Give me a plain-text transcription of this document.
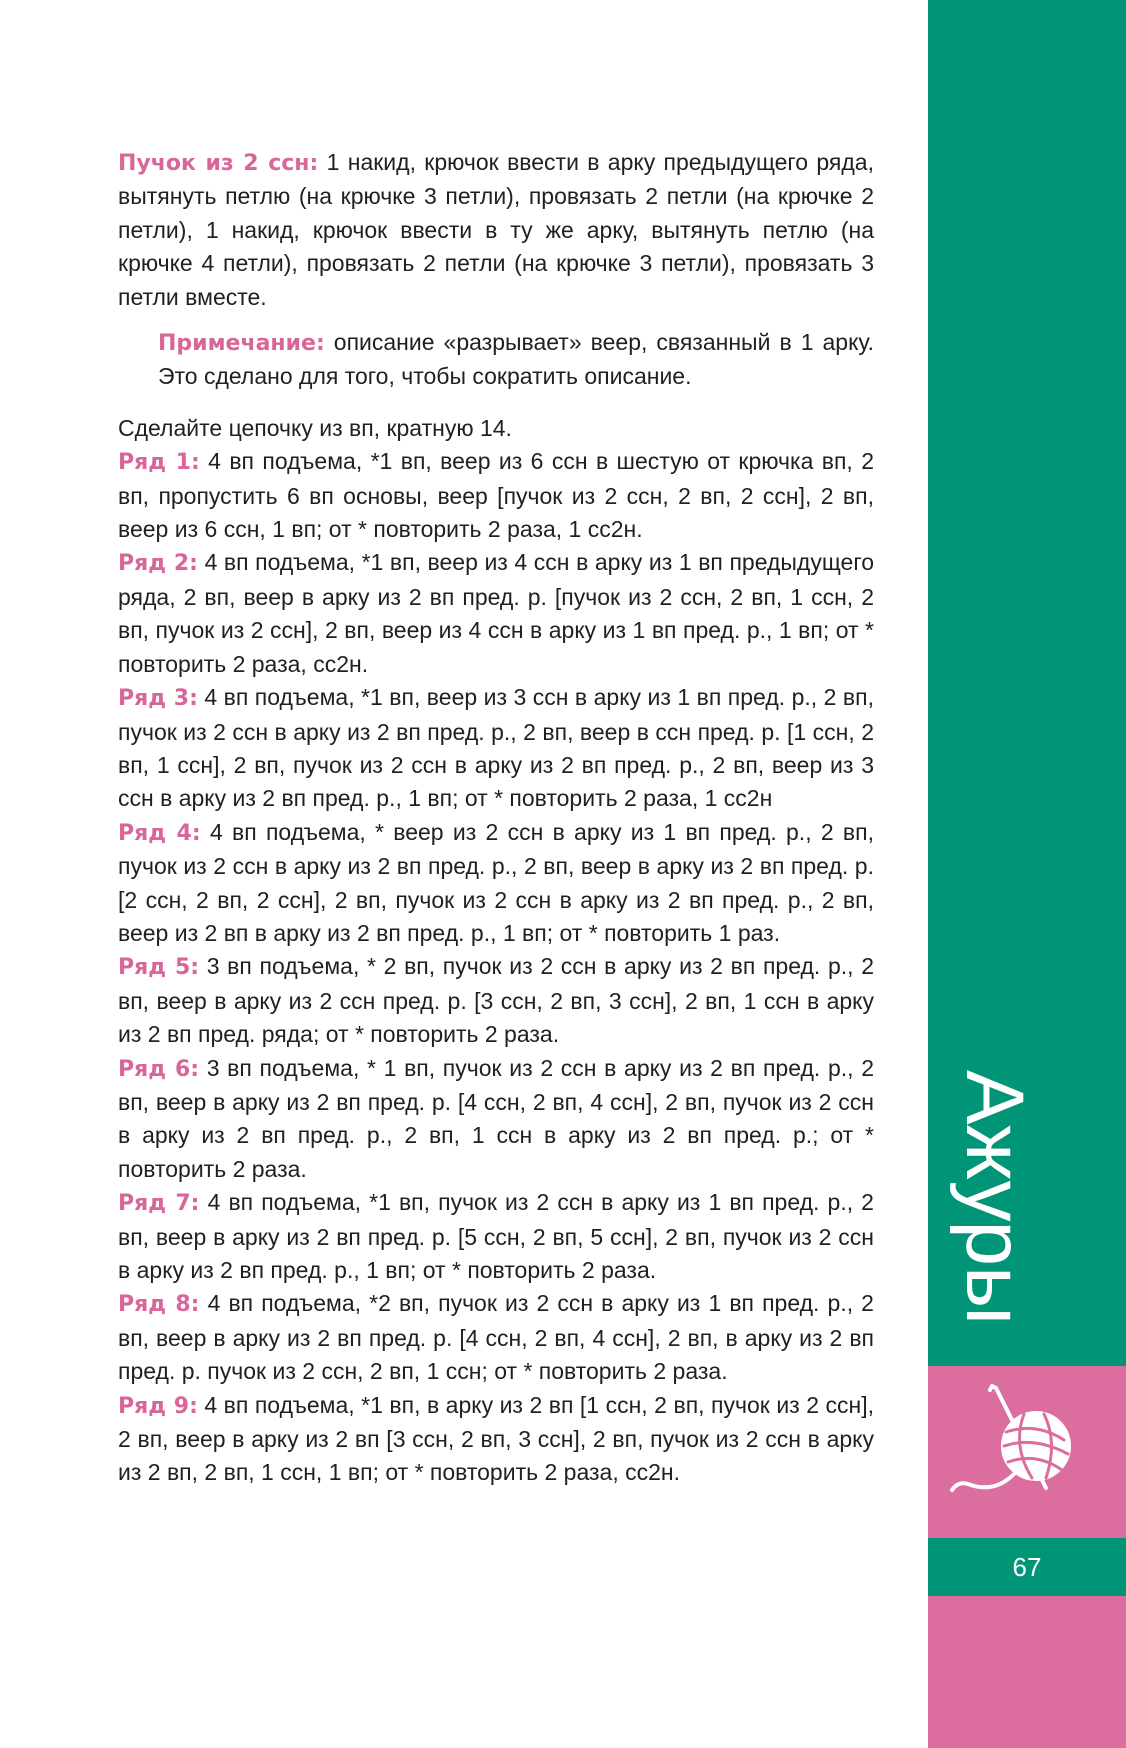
Пучок из 2 ссн: 1 накид, крючок ввести в арку предыдущего ряда, вытянуть петлю (на крючке 3 петли), провязать 2 петли (на крючке 2 петли), 1 накид, крючок ввести в ту же арку, вытянуть петлю (на крючке 4 петли), провязать 2 петли (на крючке 3 петли), провязать 3 петли вместе.

Примечание: описание «разрывает» веер, связанный в 1 арку. Это сделано для того, чтобы сократить описание.

Сделайте цепочку из вп, кратную 14.

Ряд 1: 4 вп подъема, *1 вп, веер из 6 ссн в шестую от крючка вп, 2 вп, пропустить 6 вп основы, веер [пучок из 2 ссн, 2 вп, 2 ссн], 2 вп, веер из 6 ссн, 1 вп; от * повторить 2 раза, 1 сс2н.

Ряд 2: 4 вп подъема, *1 вп, веер из 4 ссн в арку из 1 вп предыдущего ряда, 2 вп, веер в арку из 2 вп пред. р. [пучок из 2 ссн, 2 вп, 1 ссн, 2 вп, пучок из 2 ссн], 2 вп, веер из 4 ссн в арку из 1 вп пред. р., 1 вп; от * повторить 2 раза, сс2н.

Ряд 3: 4 вп подъема, *1 вп, веер из 3 ссн в арку из 1 вп пред. р., 2 вп, пучок из 2 ссн в арку из 2 вп пред. р., 2 вп, веер в ссн пред. р. [1 ссн, 2 вп, 1 ссн], 2 вп, пучок из 2 ссн в арку из 2 вп пред. р., 2 вп, веер из 3 ссн в арку из 2 вп пред. р., 1 вп; от * повторить 2 раза, 1 сс2н

Ряд 4: 4 вп подъема, * веер из 2 ссн в арку из 1 вп пред. р., 2 вп, пучок из 2 ссн в арку из 2 вп пред. р., 2 вп, веер в арку из 2 вп пред. р. [2 ссн, 2 вп, 2 ссн], 2 вп, пучок из 2 ссн в арку из 2 вп пред. р., 2 вп, веер из 2 вп в арку из 2 вп пред. р., 1 вп; от * повторить 1 раз.

Ряд 5: 3 вп подъема, * 2 вп, пучок из 2 ссн в арку из 2 вп пред. р., 2 вп, веер в арку из 2 ссн пред. р. [3 ссн, 2 вп, 3 ссн], 2 вп, 1 ссн в арку из 2 вп пред. ряда; от * повторить 2 раза.

Ряд 6: 3 вп подъема, * 1 вп, пучок из 2 ссн в арку из 2 вп пред. р., 2 вп, веер в арку из 2 вп пред. р. [4 ссн, 2 вп, 4 ссн], 2 вп, пучок из 2 ссн в арку из 2 вп пред. р., 2 вп, 1 ссн в арку из 2 вп пред. р.; от * повторить 2 раза.

Ряд 7: 4 вп подъема, *1 вп, пучок из 2 ссн в арку из 1 вп пред. р., 2 вп, веер в арку из 2 вп пред. р. [5 ссн, 2 вп, 5 ссн], 2 вп, пучок из 2 ссн в арку из 2 вп пред. р., 1 вп; от * повторить 2 раза.

Ряд 8: 4 вп подъема, *2 вп, пучок из 2 ссн в арку из 1 вп пред. р., 2 вп, веер в арку из 2 вп пред. р. [4 ссн, 2 вп, 4 ссн], 2 вп, в арку из 2 вп пред. р. пучок из 2 ссн, 2 вп, 1 ссн; от * повторить 2 раза.

Ряд 9: 4 вп подъема, *1 вп, в арку из 2 вп [1 ссн, 2 вп, пучок из 2 ссн], 2 вп, веер в арку из 2 вп [3 ссн, 2 вп, 3 ссн], 2 вп, пучок из 2 ссн в арку из 2 вп, 2 вп, 1 ссн, 1 вп; от * повторить 2 раза, сс2н.

Ажуры
67
